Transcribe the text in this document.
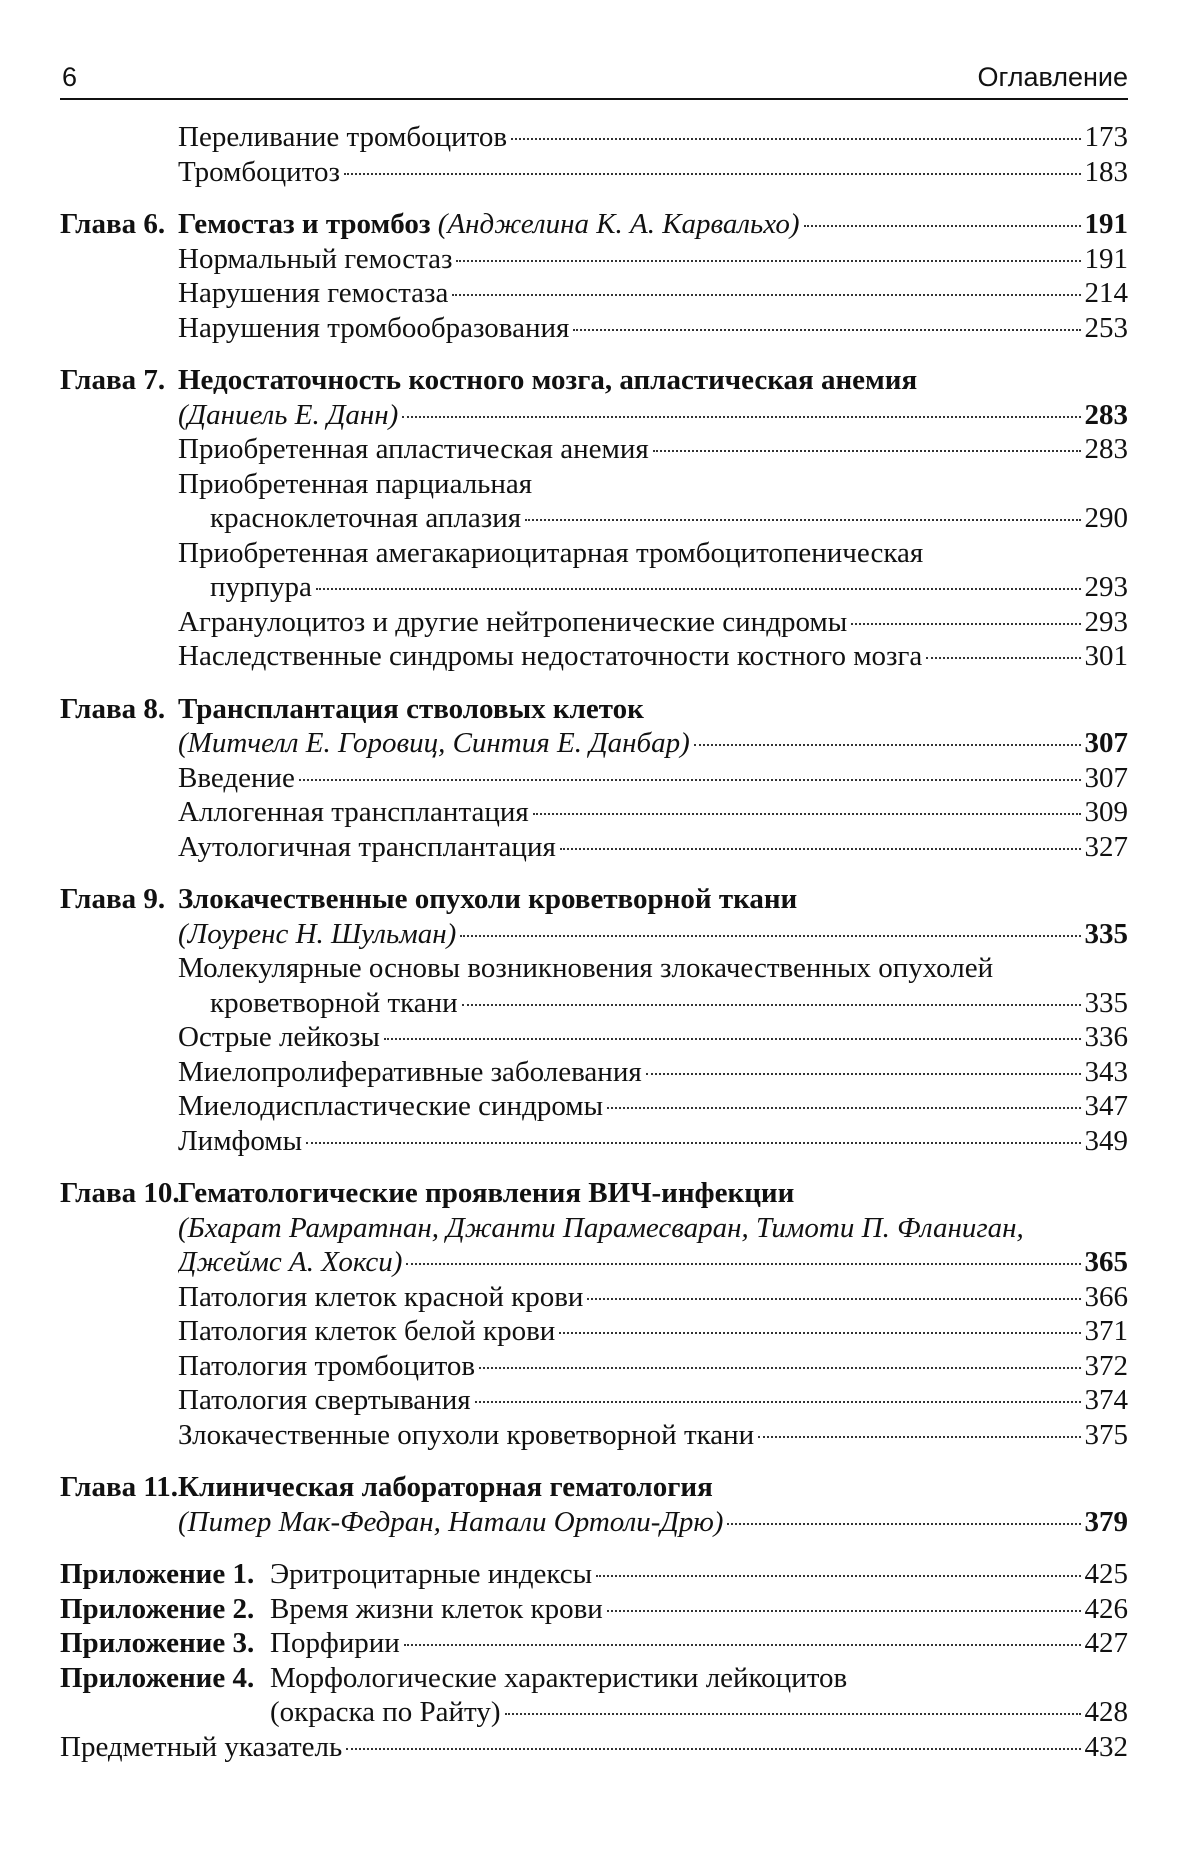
6	Оглавление
Переливание тромбоцитов	173
Тромбоцитоз	183
Глава 6. Гемостаз и тромбоз (Анджелина К. А. Карвальхо)	191
Нормальный гемостаз	191
Нарушения гемостаза	214
Нарушения тромбообразования	253
Глава 7. Недостаточность костного мозга, апластическая анемия
(Даниель Е. Данн)	283
Приобретенная апластическая анемия	283
Приобретенная парциальная
красноклеточная аплазия	290
Приобретенная амегакариоцитарная тромбоцитопеническая
пурпура	293
Агранулоцитоз и другие нейтропенические синдромы	293
Наследственные синдромы недостаточности костного мозга	301
Глава 8. Трансплантация стволовых клеток
(Митчелл Е. Горовиц, Синтия Е. Данбар)	307
Введение	307
Аллогенная трансплантация	309
Аутологичная трансплантация	327
Глава 9. Злокачественные опухоли кроветворной ткани
(Лоуренс Н. Шульман)	335
Молекулярные основы возникновения злокачественных опухолей
кроветворной ткани	335
Острые лейкозы	336
Миелопролиферативные заболевания	343
Миелодиспластические синдромы	347
Лимфомы	349
Глава 10.
Гематологические проявления ВИЧ-инфекции
(Бхарат Рамратнан, Джанти Парамесваран, Тимоти П. Фланиган,
Джеймс А. Хокси)	365
Патология клеток красной крови	366
Патология клеток белой крови	371
Патология тромбоцитов	372
Патология свертывания	374
Злокачественные опухоли кроветворной ткани	375
Глава 11. Клиническая лабораторная гематология
(Питер Мак-Федран, Натали Ортоли-Дрю)	379
Приложение 1. Эритроцитарные индексы	425
Приложение 2. Время жизни клеток крови	426
Приложение 3. Порфирии	427
Приложение 4. Морфологические характеристики лейкоцитов
(окраска по Райту)	428
Предметный указатель	432
